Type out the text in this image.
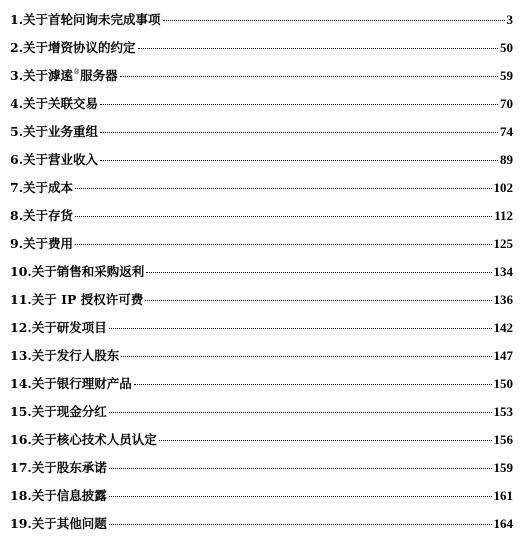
1.关于首轮问询未完成事项	3
2.关于增资协议的约定	50
3.关于滹逺®服务器	59
4.关于关联交易	70
5.关于业务重组	74
6.关于营业收入	89
7.关于成本	102
8.关于存货	112
9.关于费用	125
10.关于销售和采购返利	134
11.关于 IP 授权许可费	136
12.关于研发项目	142
13.关于发行人股东	147
14.关于银行理财产品	150
15.关于现金分红	153
16.关于核心技术人员认定	156
17.关于股东承诺	159
18.关于信息披露	161
19.关于其他问题	164
